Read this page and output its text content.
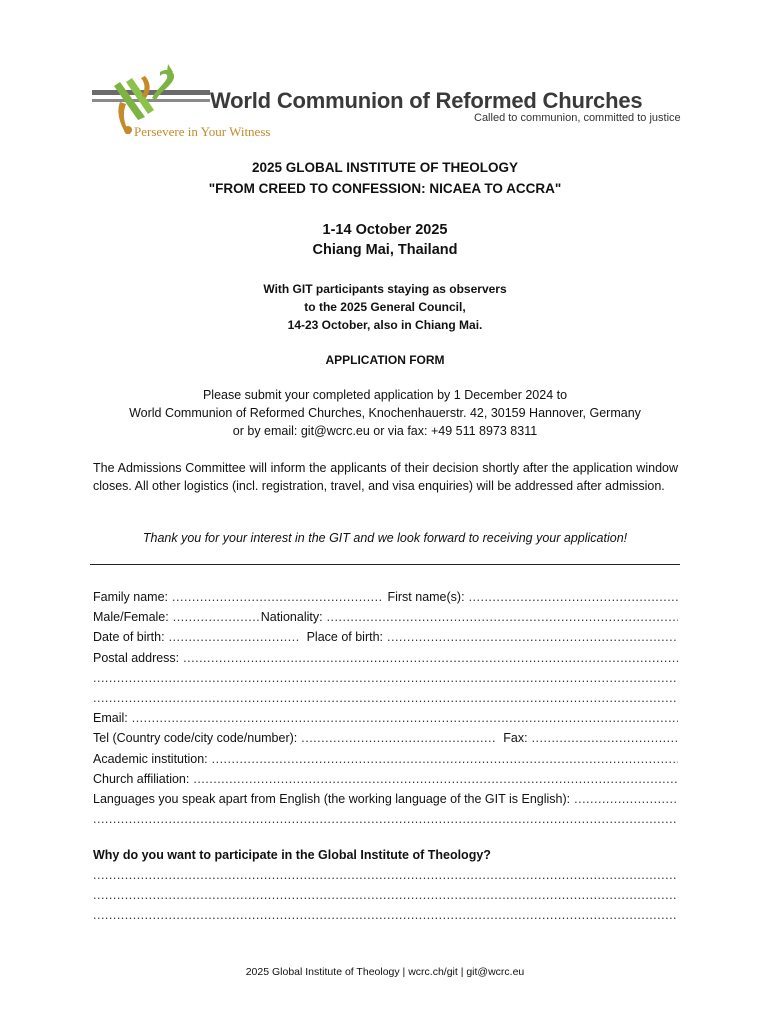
World Communion of Reformed Churches
Called to communion, committed to justice
Persevere in Your Witness
2025 GLOBAL INSTITUTE OF THEOLOGY
"FROM CREED TO CONFESSION: NICAEA TO ACCRA"
1-14 October 2025
Chiang Mai, Thailand
With GIT participants staying as observers
to the 2025 General Council,
14-23 October, also in Chiang Mai.
APPLICATION FORM
Please submit your completed application by 1 December 2024 to
World Communion of Reformed Churches, Knochenhauerstr. 42, 30159 Hannover, Germany
or by email: git@wcrc.eu or via fax: +49 511 8973 8311
The Admissions Committee will inform the applicants of their decision shortly after the application window closes. All other logistics (incl. registration, travel, and visa enquiries) will be addressed after admission.
Thank you for your interest in the GIT and we look forward to receiving your application!
Family name: .....	First name(s):
.....
Male/Female: .....	Nationality:
.....
Date of birth: .....	Place of birth:
.....
Postal address:
.....
.....
.....
Email:
.....
Tel (Country code/city code/number): .....	Fax:
.....
Academic institution:
.....
Church affiliation:
.....
Languages you speak apart from English (the working language of the GIT is English):
.....
.....
Why do you want to participate in the Global Institute of Theology?
.....
.....
.....
2025 Global Institute of Theology | wcrc.ch/git | git@wcrc.eu
